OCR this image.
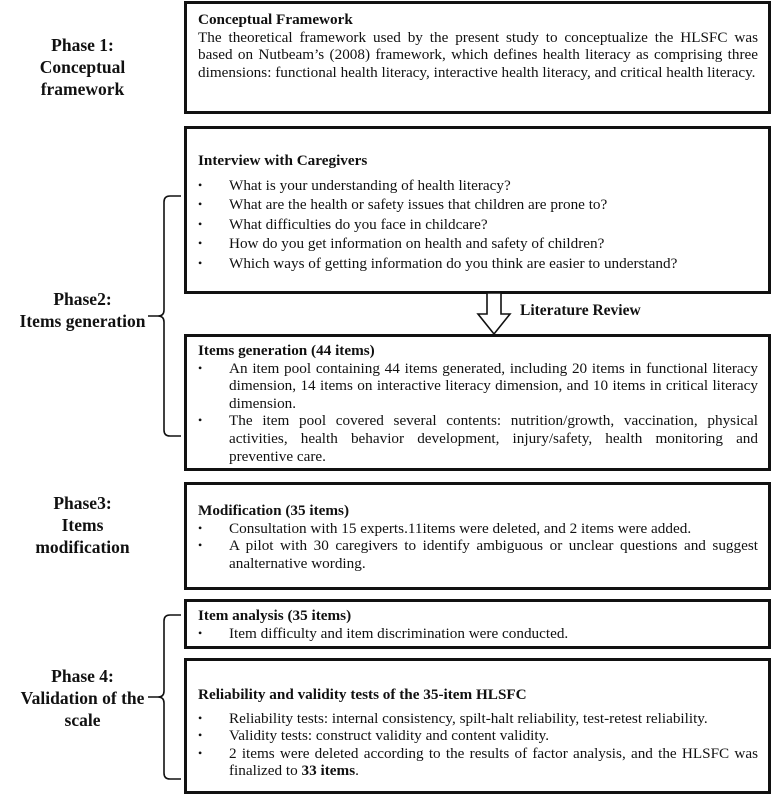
Phase 1:
Conceptual
framework
Phase2:
Items generation
Phase3:
Items
modification
Phase 4:
Validation of the
scale
Conceptual Framework

The theoretical framework used by the present study to conceptualize the HLSFC was based on Nutbeam’s (2008) framework, which defines health literacy as comprising three dimensions: functional health literacy, interactive health literacy, and critical health literacy.

Interview with Caregivers
• What is your understanding of health literacy?
• What are the health or safety issues that children are prone to?
• What difficulties do you face in childcare?
• How do you get information on health and safety of children?
• Which ways of getting information do you think are easier to understand?
Literature Review
Items generation (44 items)
• An item pool containing 44 items generated, including 20 items in functional literacy dimension, 14 items on interactive literacy dimension, and 10 items in critical literacy dimension.
• The item pool covered several contents: nutrition/growth, vaccination, physical activities, health behavior development, injury/safety, health monitoring and preventive care.
Modification (35 items)
• Consultation with 15 experts.11items were deleted, and 2 items were added.
• A pilot with 30 caregivers to identify ambiguous or unclear questions and suggest analternative wording.
Item analysis (35 items)
• Item difficulty and item discrimination were conducted.
Reliability and validity tests of the 35-item HLSFC
• Reliability tests: internal consistency, spilt-halt reliability, test-retest reliability.
• Validity tests: construct validity and content validity.
• 2 items were deleted according to the results of factor analysis, and the HLSFC was finalized to 33 items.
